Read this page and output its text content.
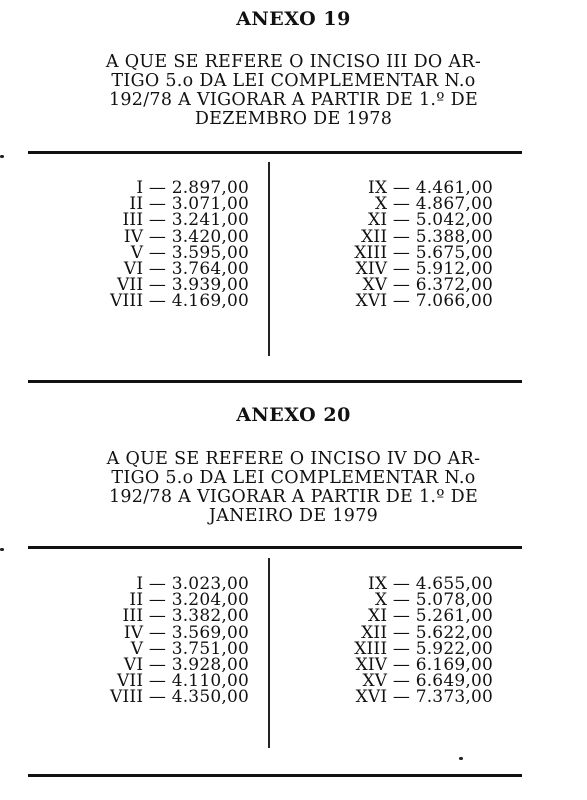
ANEXO 19
A QUE SE REFERE O INCISO III DO AR-
TIGO 5.o DA LEI COMPLEMENTAR N.o
192/78 A VIGORAR A PARTIR DE 1.º DE
DEZEMBRO DE 1978
I — 2.897,00
II — 3.071,00
III — 3.241,00
IV — 3.420,00
V — 3.595,00
VI — 3.764,00
VII — 3.939,00
VIII — 4.169,00
IX — 4.461,00
X — 4.867,00
XI — 5.042,00
XII — 5.388,00
XIII — 5.675,00
XIV — 5.912,00
XV — 6.372,00
XVI — 7.066,00
ANEXO 20
A QUE SE REFERE O INCISO IV DO AR-
TIGO 5.o DA LEI COMPLEMENTAR N.o
192/78 A VIGORAR A PARTIR DE 1.º DE
JANEIRO DE 1979
I — 3.023,00
II — 3.204,00
III — 3.382,00
IV — 3.569,00
V — 3.751,00
VI — 3.928,00
VII — 4.110,00
VIII — 4.350,00
IX — 4.655,00
X — 5.078,00
XI — 5.261,00
XII — 5.622,00
XIII — 5.922,00
XIV — 6.169,00
XV — 6.649,00
XVI — 7.373,00
